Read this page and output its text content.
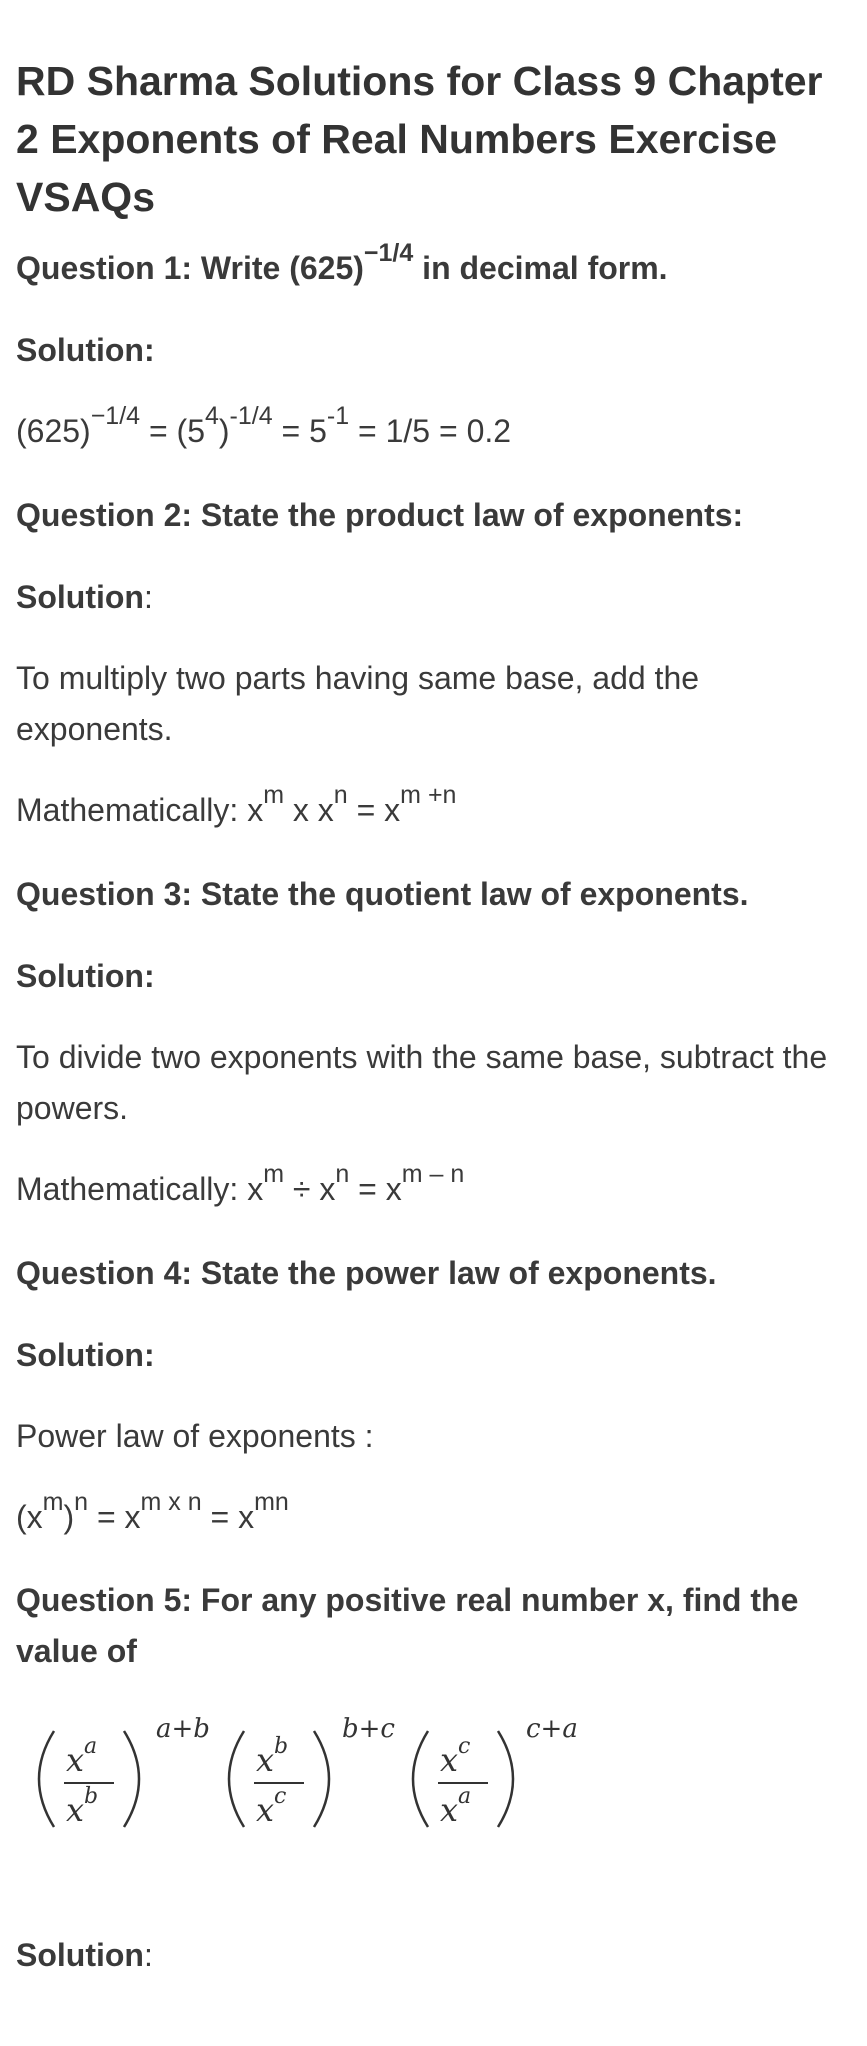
RD Sharma Solutions for Class 9 Chapter 2 Exponents of Real Numbers Exercise VSAQs

Question 1: Write $(625)^{-1/4}$ in decimal form.

Solution:

$(625)^{-1/4} = (5^4)^{-1/4} = 5^{-1} = 1/5 = 0.2$

Question 2: State the product law of exponents:

Solution:

To multiply two parts having same base, add the exponents.

Mathematically: $x^m$ x $x^n = x^{m +n}$

Question 3: State the quotient law of exponents.

Solution:

To divide two exponents with the same base, subtract the powers.

Mathematically: $x^m \div x^n = x^{m - n}$

Question 4: State the power law of exponents.

Solution:

Power law of exponents :

$(x^m)^n = x^{m x n} = x^{mn}$

Question 5: For any positive real number x, find the value of

x a
x b
a+b
x b
x c
b+c
x c
x a
c+a

Solution:
